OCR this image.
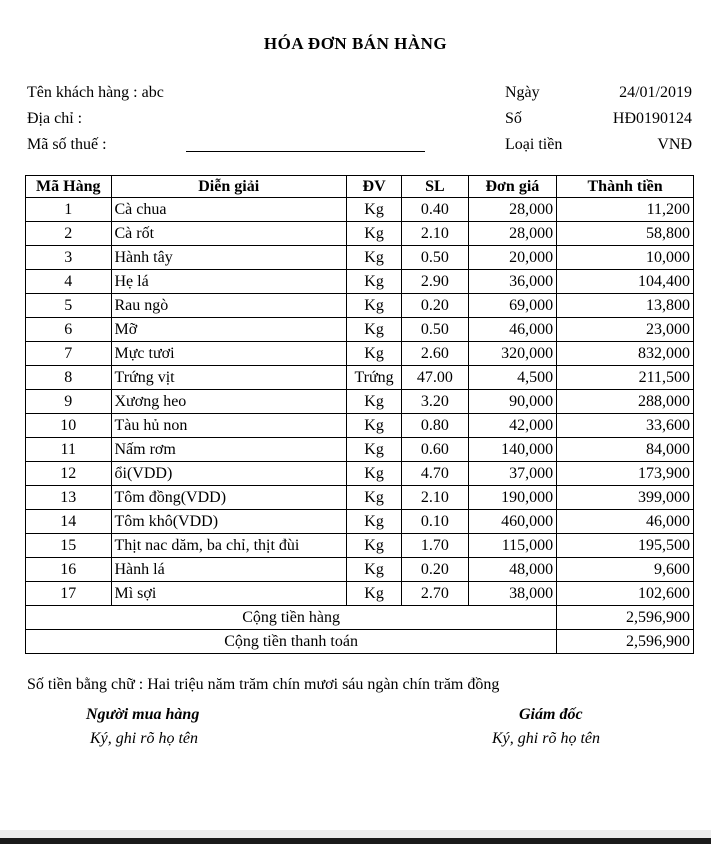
HÓA ĐƠN BÁN HÀNG
Tên khách hàng : abc
Địa chỉ :
Mã số thuế :
Ngày	24/01/2019
Số	HĐ0190124
Loại tiền	VNĐ
Mã Hàng	Diễn giải	ĐV	SL	Đơn giá	Thành tiền
1	Cà chua	Kg	0.40	28,000	11,200
2	Cà rốt	Kg	2.10	28,000	58,800
3	Hành tây	Kg	0.50	20,000	10,000
4	Hẹ lá	Kg	2.90	36,000	104,400
5	Rau ngò	Kg	0.20	69,000	13,800
6	Mỡ	Kg	0.50	46,000	23,000
7	Mực tươi	Kg	2.60	320,000	832,000
8	Trứng vịt	Trứng	47.00	4,500	211,500
9	Xương heo	Kg	3.20	90,000	288,000
10	Tàu hủ non	Kg	0.80	42,000	33,600
11	Nấm rơm	Kg	0.60	140,000	84,000
12	ổi(VDD)	Kg	4.70	37,000	173,900
13	Tôm đồng(VDD)	Kg	2.10	190,000	399,000
14	Tôm khô(VDD)	Kg	0.10	460,000	46,000
15	Thịt nac dăm, ba chỉ, thịt đùi	Kg	1.70	115,000	195,500
16	Hành lá	Kg	0.20	48,000	9,600
17	Mì sợi	Kg	2.70	38,000	102,600
Cộng tiền hàng					2,596,900
Cộng tiền thanh toán					2,596,900
Số tiền bằng chữ : Hai triệu năm trăm chín mươi sáu ngàn chín trăm đồng
Người mua hàng
Ký, ghi rõ họ tên
Giám đốc
Ký, ghi rõ họ tên
